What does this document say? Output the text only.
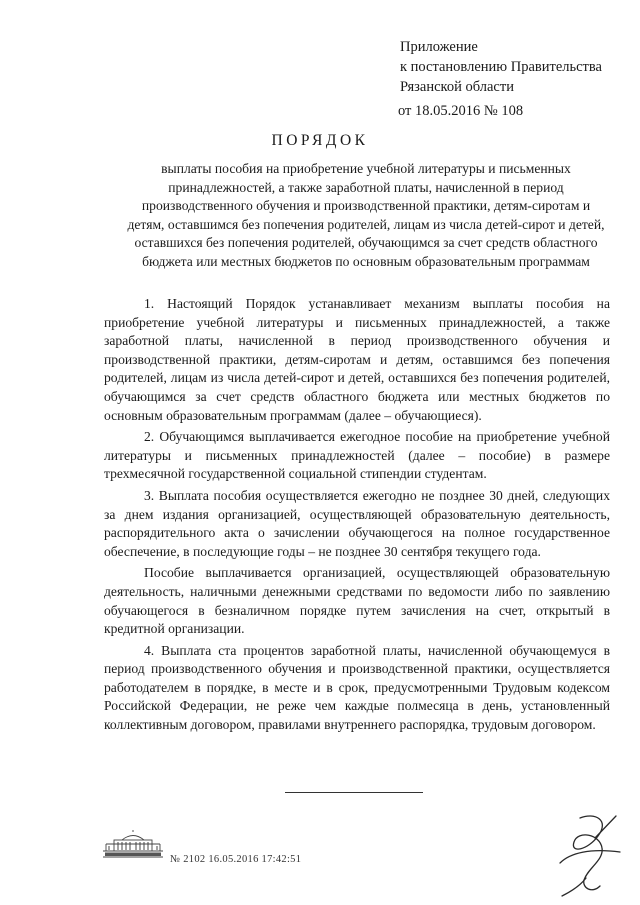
Приложение
к постановлению Правительства
Рязанской области
от 18.05.2016 № 108
ПОРЯДОК
выплаты пособия на приобретение учебной литературы и письменных принадлежностей, а также заработной платы, начисленной в период производственного обучения и производственной практики, детям-сиротам и детям, оставшимся без попечения родителей, лицам из числа детей-сирот и детей, оставшихся без попечения родителей, обучающимся за счет средств областного бюджета или местных бюджетов по основным образовательным программам

1. Настоящий Порядок устанавливает механизм выплаты пособия на приобретение учебной литературы и письменных принадлежностей, а также заработной платы, начисленной в период производственного обучения и производственной практики, детям-сиротам и детям, оставшимся без попечения родителей, лицам из числа детей-сирот и детей, оставшихся без попечения родителей, обучающимся за счет средств областного бюджета или местных бюджетов по основным образовательным программам (далее – обучающиеся).

2. Обучающимся выплачивается ежегодное пособие на приобретение учебной литературы и письменных принадлежностей (далее – пособие) в размере трехмесячной государственной социальной стипендии студентам.

3. Выплата пособия осуществляется ежегодно не позднее 30 дней, следующих за днем издания организацией, осуществляющей образовательную деятельность, распорядительного акта о зачислении обучающегося на полное государственное обеспечение, в последующие годы – не позднее 30 сентября текущего года.

Пособие выплачивается организацией, осуществляющей образовательную деятельность, наличными денежными средствами по ведомости либо по заявлению обучающегося в безналичном порядке путем зачисления на счет, открытый в кредитной организации.

4. Выплата ста процентов заработной платы, начисленной обучающемуся в период производственного обучения и производственной практики, осуществляется работодателем в порядке, в месте и в срок, предусмотренными Трудовым кодексом Российской Федерации, не реже чем каждые полмесяца в день, установленный коллективным договором, правилами внутреннего распорядка, трудовым договором.

№ 2102 16.05.2016 17:42:51
